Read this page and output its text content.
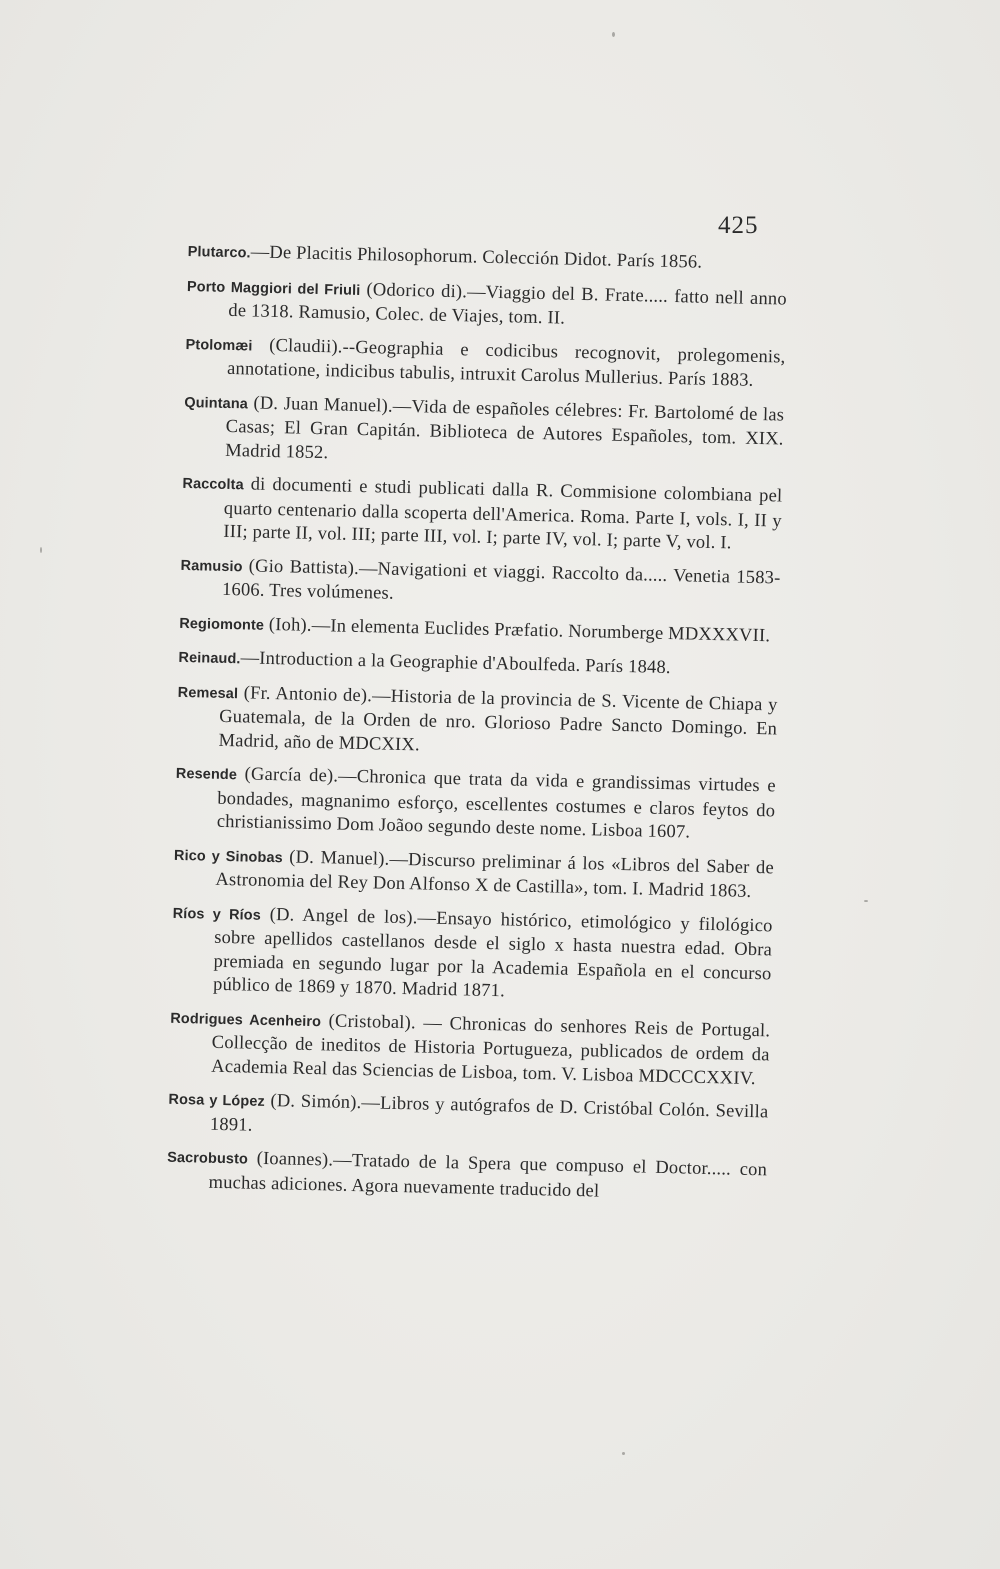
425

Plutarco.—De Placitis Philosophorum. Colección Didot. París 1856.

Porto Maggiori del Friuli (Odorico di).—Viaggio del B. Frate..... fatto nell anno de 1318. Ramusio, Colec. de Viajes, tom. II.

Ptolomæi (Claudii).--Geographia e codicibus recognovit, prolegomenis, annotatione, indicibus tabulis, intruxit Carolus Mullerius. París 1883.

Quintana (D. Juan Manuel).—Vida de españoles célebres: Fr. Bartolomé de las Casas; El Gran Capitán. Biblioteca de Autores Españoles, tom. XIX. Madrid 1852.

Raccolta di documenti e studi publicati dalla R. Commisione colombiana pel quarto centenario dalla scoperta dell'America. Roma. Parte I, vols. I, II y III; parte II, vol. III; parte III, vol. I; parte IV, vol. I; parte V, vol. I.

Ramusio (Gio Battista).—Navigationi et viaggi. Raccolto da..... Venetia 1583-1606. Tres volúmenes.

Regiomonte (Ioh).—In elementa Euclides Præfatio. Norumberge MDXXXVII.

Reinaud.—Introduction a la Geographie d'Aboulfeda. París 1848.

Remesal (Fr. Antonio de).—Historia de la provincia de S. Vicente de Chiapa y Guatemala, de la Orden de nro. Glorioso Padre Sancto Domingo. En Madrid, año de MDCXIX.

Resende (García de).—Chronica que trata da vida e grandissimas virtudes e bondades, magnanimo esforço, escellentes costumes e claros feytos do christianissimo Dom Joãoo segundo deste nome. Lisboa 1607.

Rico y Sinobas (D. Manuel).—Discurso preliminar á los «Libros del Saber de Astronomia del Rey Don Alfonso X de Castilla», tom. I. Madrid 1863.

Ríos y Ríos (D. Angel de los).—Ensayo histórico, etimológico y filológico sobre apellidos castellanos desde el siglo x hasta nuestra edad. Obra premiada en segundo lugar por la Academia Española en el concurso público de 1869 y 1870. Madrid 1871.

Rodrigues Acenheiro (Cristobal). — Chronicas do senhores Reis de Portugal. Collecção de ineditos de Historia Portugueza, publicados de ordem da Academia Real das Sciencias de Lisboa, tom. V. Lisboa MDCCCXXIV.

Rosa y López (D. Simón).—Libros y autógrafos de D. Cristóbal Colón. Sevilla 1891.

Sacrobusto (Ioannes).—Tratado de la Spera que compuso el Doctor..... con muchas adiciones. Agora nuevamente traducido del
